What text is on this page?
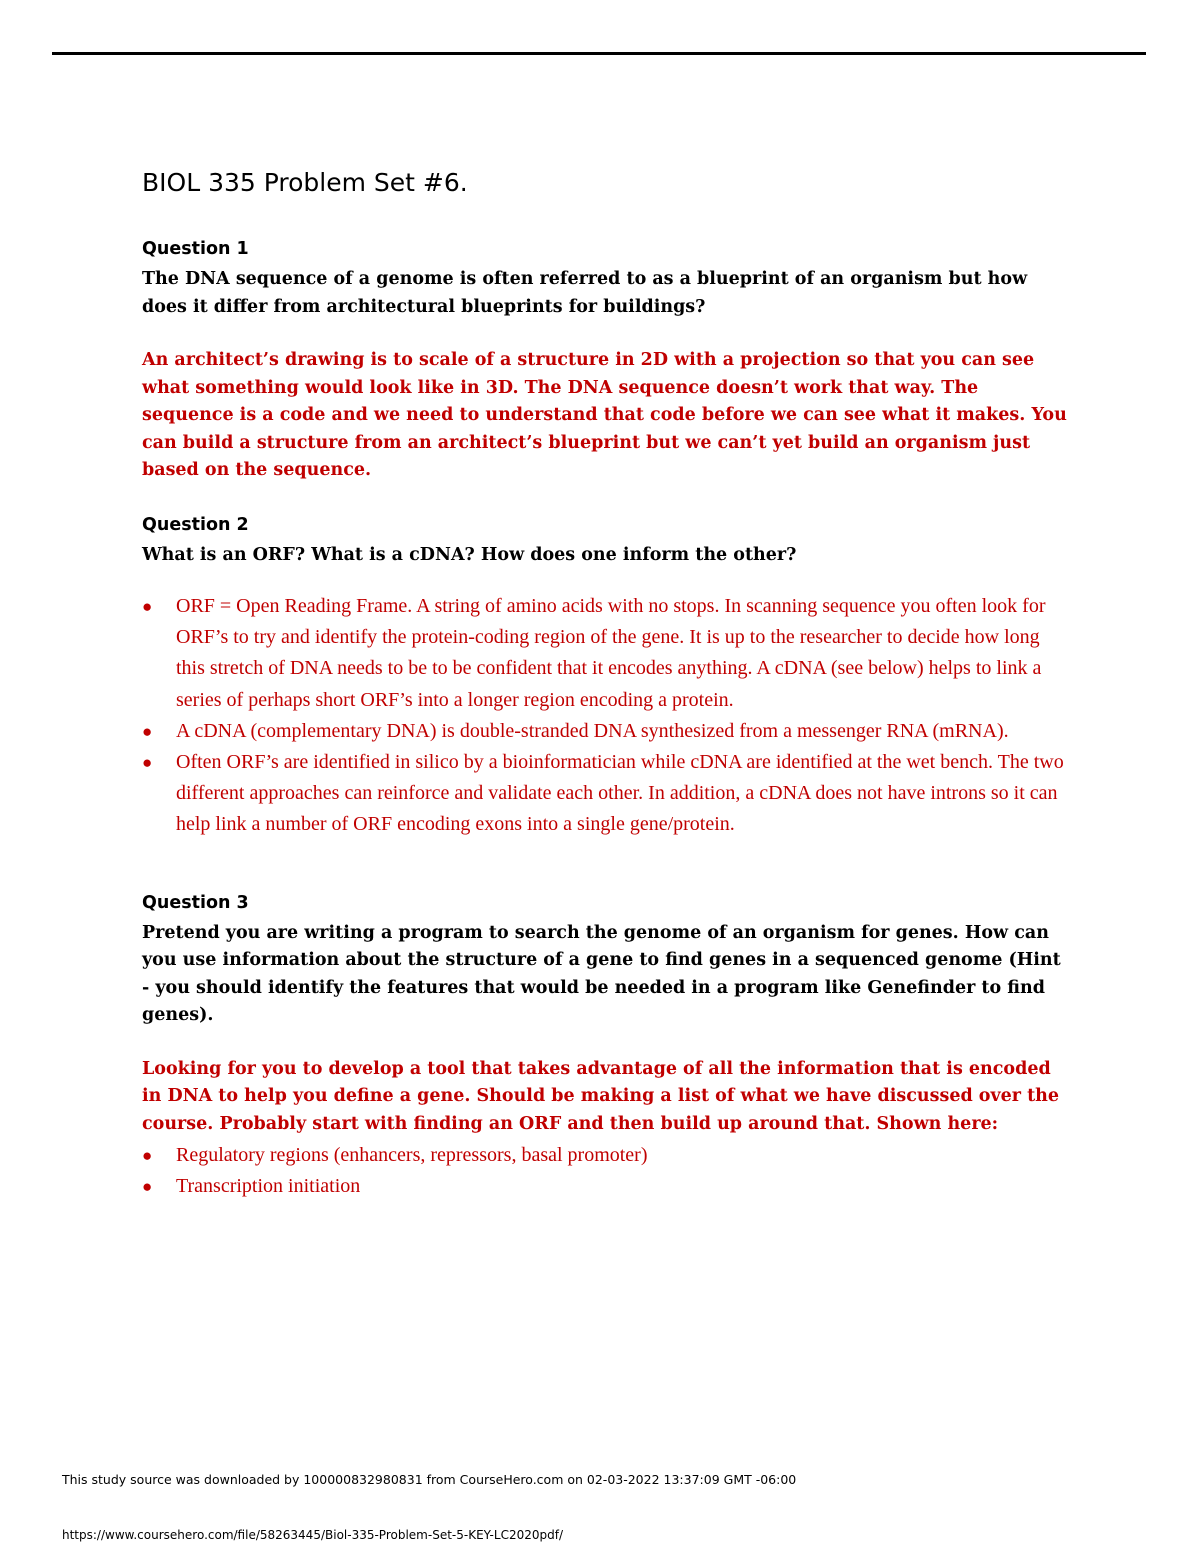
BIOL 335 Problem Set #6.
Question 1

The DNA sequence of a genome is often referred to as a blueprint of an organism but how does it differ from architectural blueprints for buildings?

An architect’s drawing is to scale of a structure in 2D with a projection so that you can see what something would look like in 3D. The DNA sequence doesn’t work that way. The sequence is a code and we need to understand that code before we can see what it makes. You can build a structure from an architect’s blueprint but we can’t yet build an organism just based on the sequence.

Question 2

What is an ORF? What is a cDNA? How does one inform the other?

● ORF = Open Reading Frame. A string of amino acids with no stops. In scanning sequence you often look for ORF’s to try and identify the protein-coding region of the gene. It is up to the researcher to decide how long this stretch of DNA needs to be to be confident that it encodes anything. A cDNA (see below) helps to link a series of perhaps short ORF’s into a longer region encoding a protein.
● A cDNA (complementary DNA) is double-stranded DNA synthesized from a messenger RNA (mRNA).
● Often ORF’s are identified in silico by a bioinformatician while cDNA are identified at the wet bench. The two different approaches can reinforce and validate each other. In addition, a cDNA does not have introns so it can help link a number of ORF encoding exons into a single gene/protein.
Question 3

Pretend you are writing a program to search the genome of an organism for genes. How can you use information about the structure of a gene to find genes in a sequenced genome (Hint - you should identify the features that would be needed in a program like Genefinder to find genes).

Looking for you to develop a tool that takes advantage of all the information that is encoded in DNA to help you define a gene. Should be making a list of what we have discussed over the course. Probably start with finding an ORF and then build up around that. Shown here:

● Regulatory regions (enhancers, repressors, basal promoter)
● Transcription initiation
This study source was downloaded by 100000832980831 from CourseHero.com on 02-03-2022 13:37:09 GMT -06:00
https://www.coursehero.com/file/58263445/Biol-335-Problem-Set-5-KEY-LC2020pdf/
